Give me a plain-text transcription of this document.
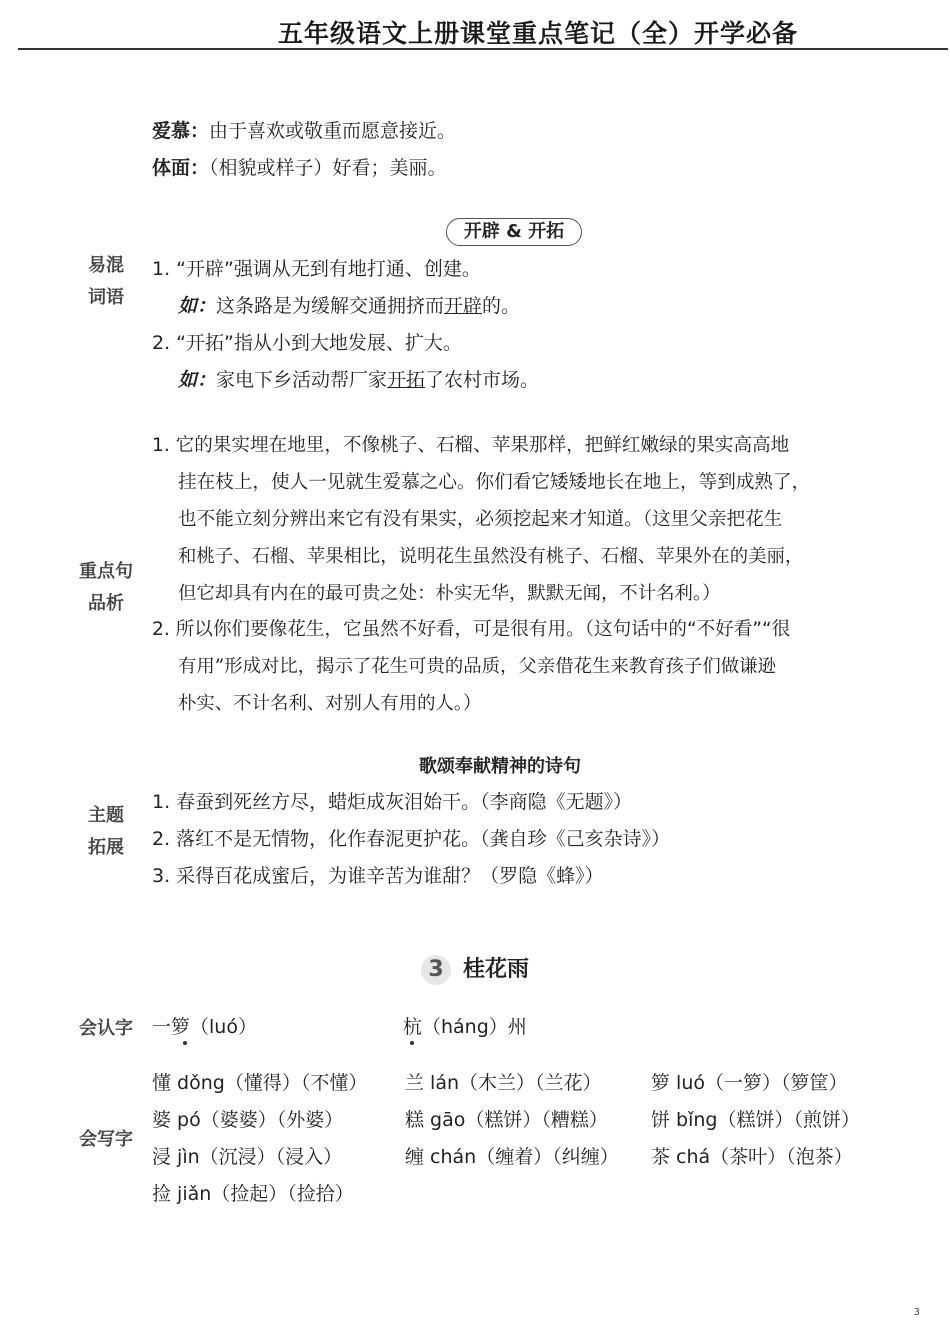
五年级语文上册课堂重点笔记（全）开学必备
爱慕：由于喜欢或敬重而愿意接近。
体面：（相貌或样子）好看；美丽。
开辟 & 开拓
易混
词语
1. “开辟”强调从无到有地打通、创建。
如：这条路是为缓解交通拥挤而开辟的。
2. “开拓”指从小到大地发展、扩大。
如：家电下乡活动帮厂家开拓了农村市场。
重点句
品析
1. 它的果实埋在地里，不像桃子、石榴、苹果那样，把鲜红嫩绿的果实高高地
挂在枝上，使人一见就生爱慕之心。你们看它矮矮地长在地上，等到成熟了，
也不能立刻分辨出来它有没有果实，必须挖起来才知道。（这里父亲把花生
和桃子、石榴、苹果相比，说明花生虽然没有桃子、石榴、苹果外在的美丽，
但它却具有内在的最可贵之处：朴实无华，默默无闻，不计名利。）
2. 所以你们要像花生，它虽然不好看，可是很有用。（这句话中的“不好看”“很
有用”形成对比，揭示了花生可贵的品质，父亲借花生来教育孩子们做谦逊
朴实、不计名利、对别人有用的人。）
歌颂奉献精神的诗句
主题
拓展
1. 春蚕到死丝方尽，蜡炬成灰泪始干。（李商隐《无题》）
2. 落红不是无情物，化作春泥更护花。（龚自珍《己亥杂诗》）
3. 采得百花成蜜后，为谁辛苦为谁甜？（罗隐《蜂》）
3 桂花雨
会认字	一箩（luó）	杭（háng）州
会写字
懂 dǒng（懂得）（不懂） 兰 lán（木兰）（兰花）	箩 luó（一箩）（箩筐）
婆 pó（婆婆）（外婆）	糕 gāo（糕饼）（糟糕） 饼 bǐng（糕饼）（煎饼）
浸 jìn（沉浸）（浸入）	缠 chán（缠着）（纠缠） 茶 chá（茶叶）（泡茶）
捡 jiǎn（捡起）（捡拾）
3
